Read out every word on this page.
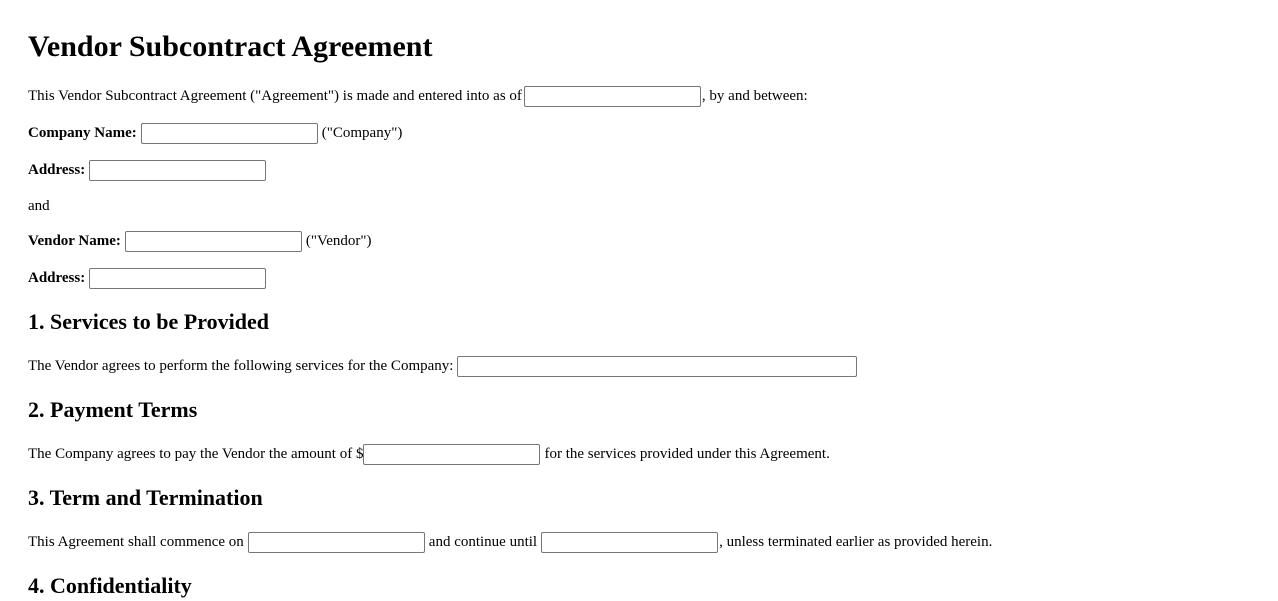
Vendor Subcontract Agreement
This Vendor Subcontract Agreement ("Agreement") is made and entered into as of	, by and between:
Company Name:	("Company")
Address:
and
Vendor Name:	("Vendor")
Address:
1. Services to be Provided
The Vendor agrees to perform the following services for the Company:
2. Payment Terms
The Company agrees to pay the Vendor the amount of $	for the services provided under this Agreement.
3. Term and Termination
This Agreement shall commence on	and continue until	, unless terminated earlier as provided herein.
4. Confidentiality
